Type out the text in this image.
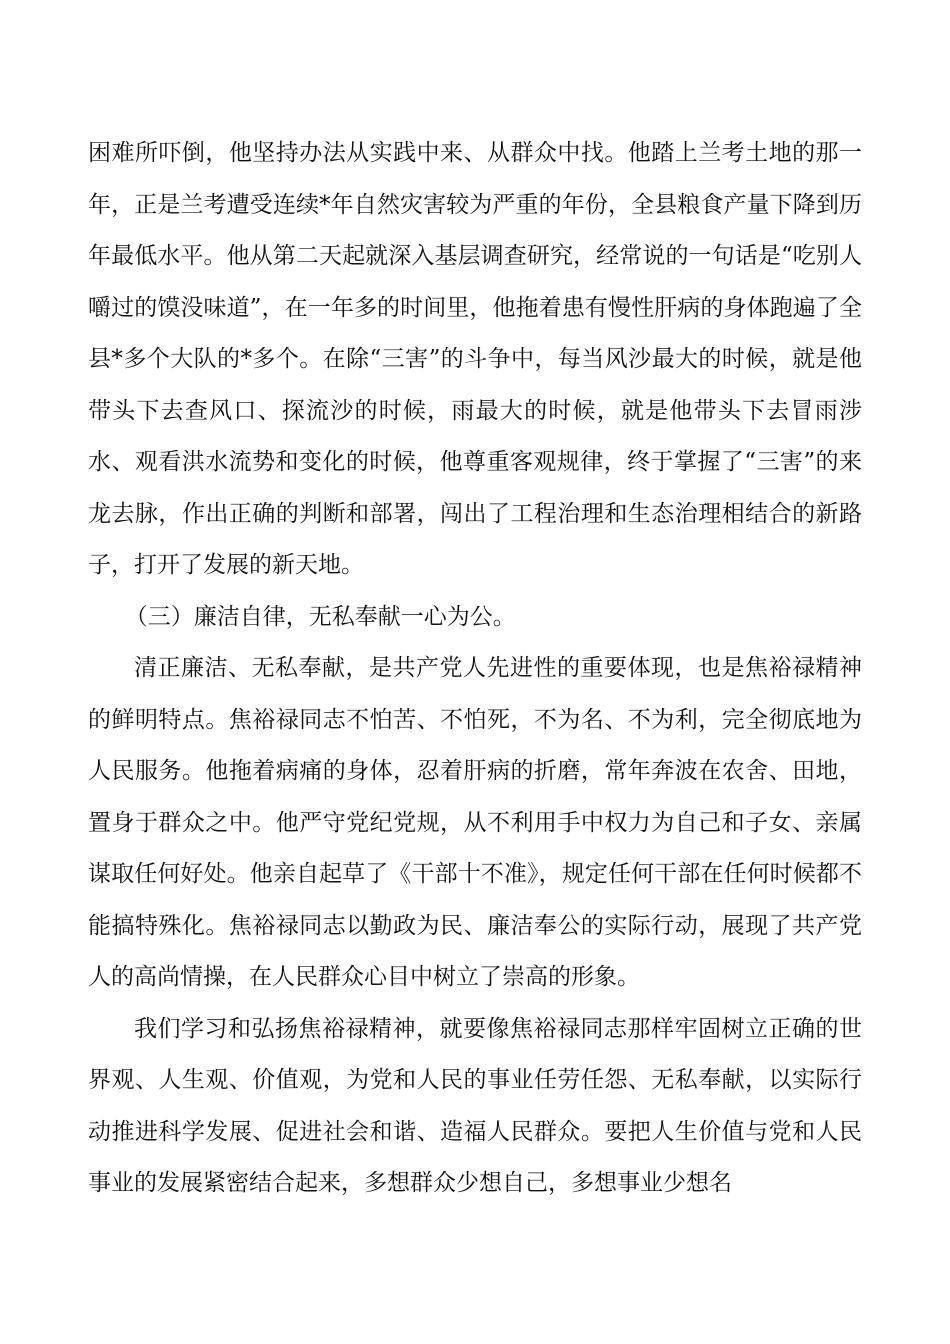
困难所吓倒，他坚持办法从实践中来、从群众中找。他踏上兰考土地的那一年，正是兰考遭受连续*年自然灾害较为严重的年份，全县粮食产量下降到历年最低水平。他从第二天起就深入基层调查研究，经常说的一句话是“吃别人嚼过的馍没味道”，在一年多的时间里，他拖着患有慢性肝病的身体跑遍了全县*多个大队的*多个。在除“三害”的斗争中，每当风沙最大的时候，就是他带头下去查风口、探流沙的时候，雨最大的时候，就是他带头下去冒雨涉水、观看洪水流势和变化的时候，他尊重客观规律，终于掌握了“三害”的来龙去脉，作出正确的判断和部署，闯出了工程治理和生态治理相结合的新路子，打开了发展的新天地。

（三）廉洁自律，无私奉献一心为公。

清正廉洁、无私奉献，是共产党人先进性的重要体现，也是焦裕禄精神的鲜明特点。焦裕禄同志不怕苦、不怕死，不为名、不为利，完全彻底地为人民服务。他拖着病痛的身体，忍着肝病的折磨，常年奔波在农舍、田地，置身于群众之中。他严守党纪党规，从不利用手中权力为自己和子女、亲属谋取任何好处。他亲自起草了《干部十不准》，规定任何干部在任何时候都不能搞特殊化。焦裕禄同志以勤政为民、廉洁奉公的实际行动，展现了共产党人的高尚情操，在人民群众心目中树立了崇高的形象。

我们学习和弘扬焦裕禄精神，就要像焦裕禄同志那样牢固树立正确的世界观、人生观、价值观，为党和人民的事业任劳任怨、无私奉献，以实际行动推进科学发展、促进社会和谐、造福人民群众。要把人生价值与党和人民事业的发展紧密结合起来，多想群众少想自己，多想事业少想名
